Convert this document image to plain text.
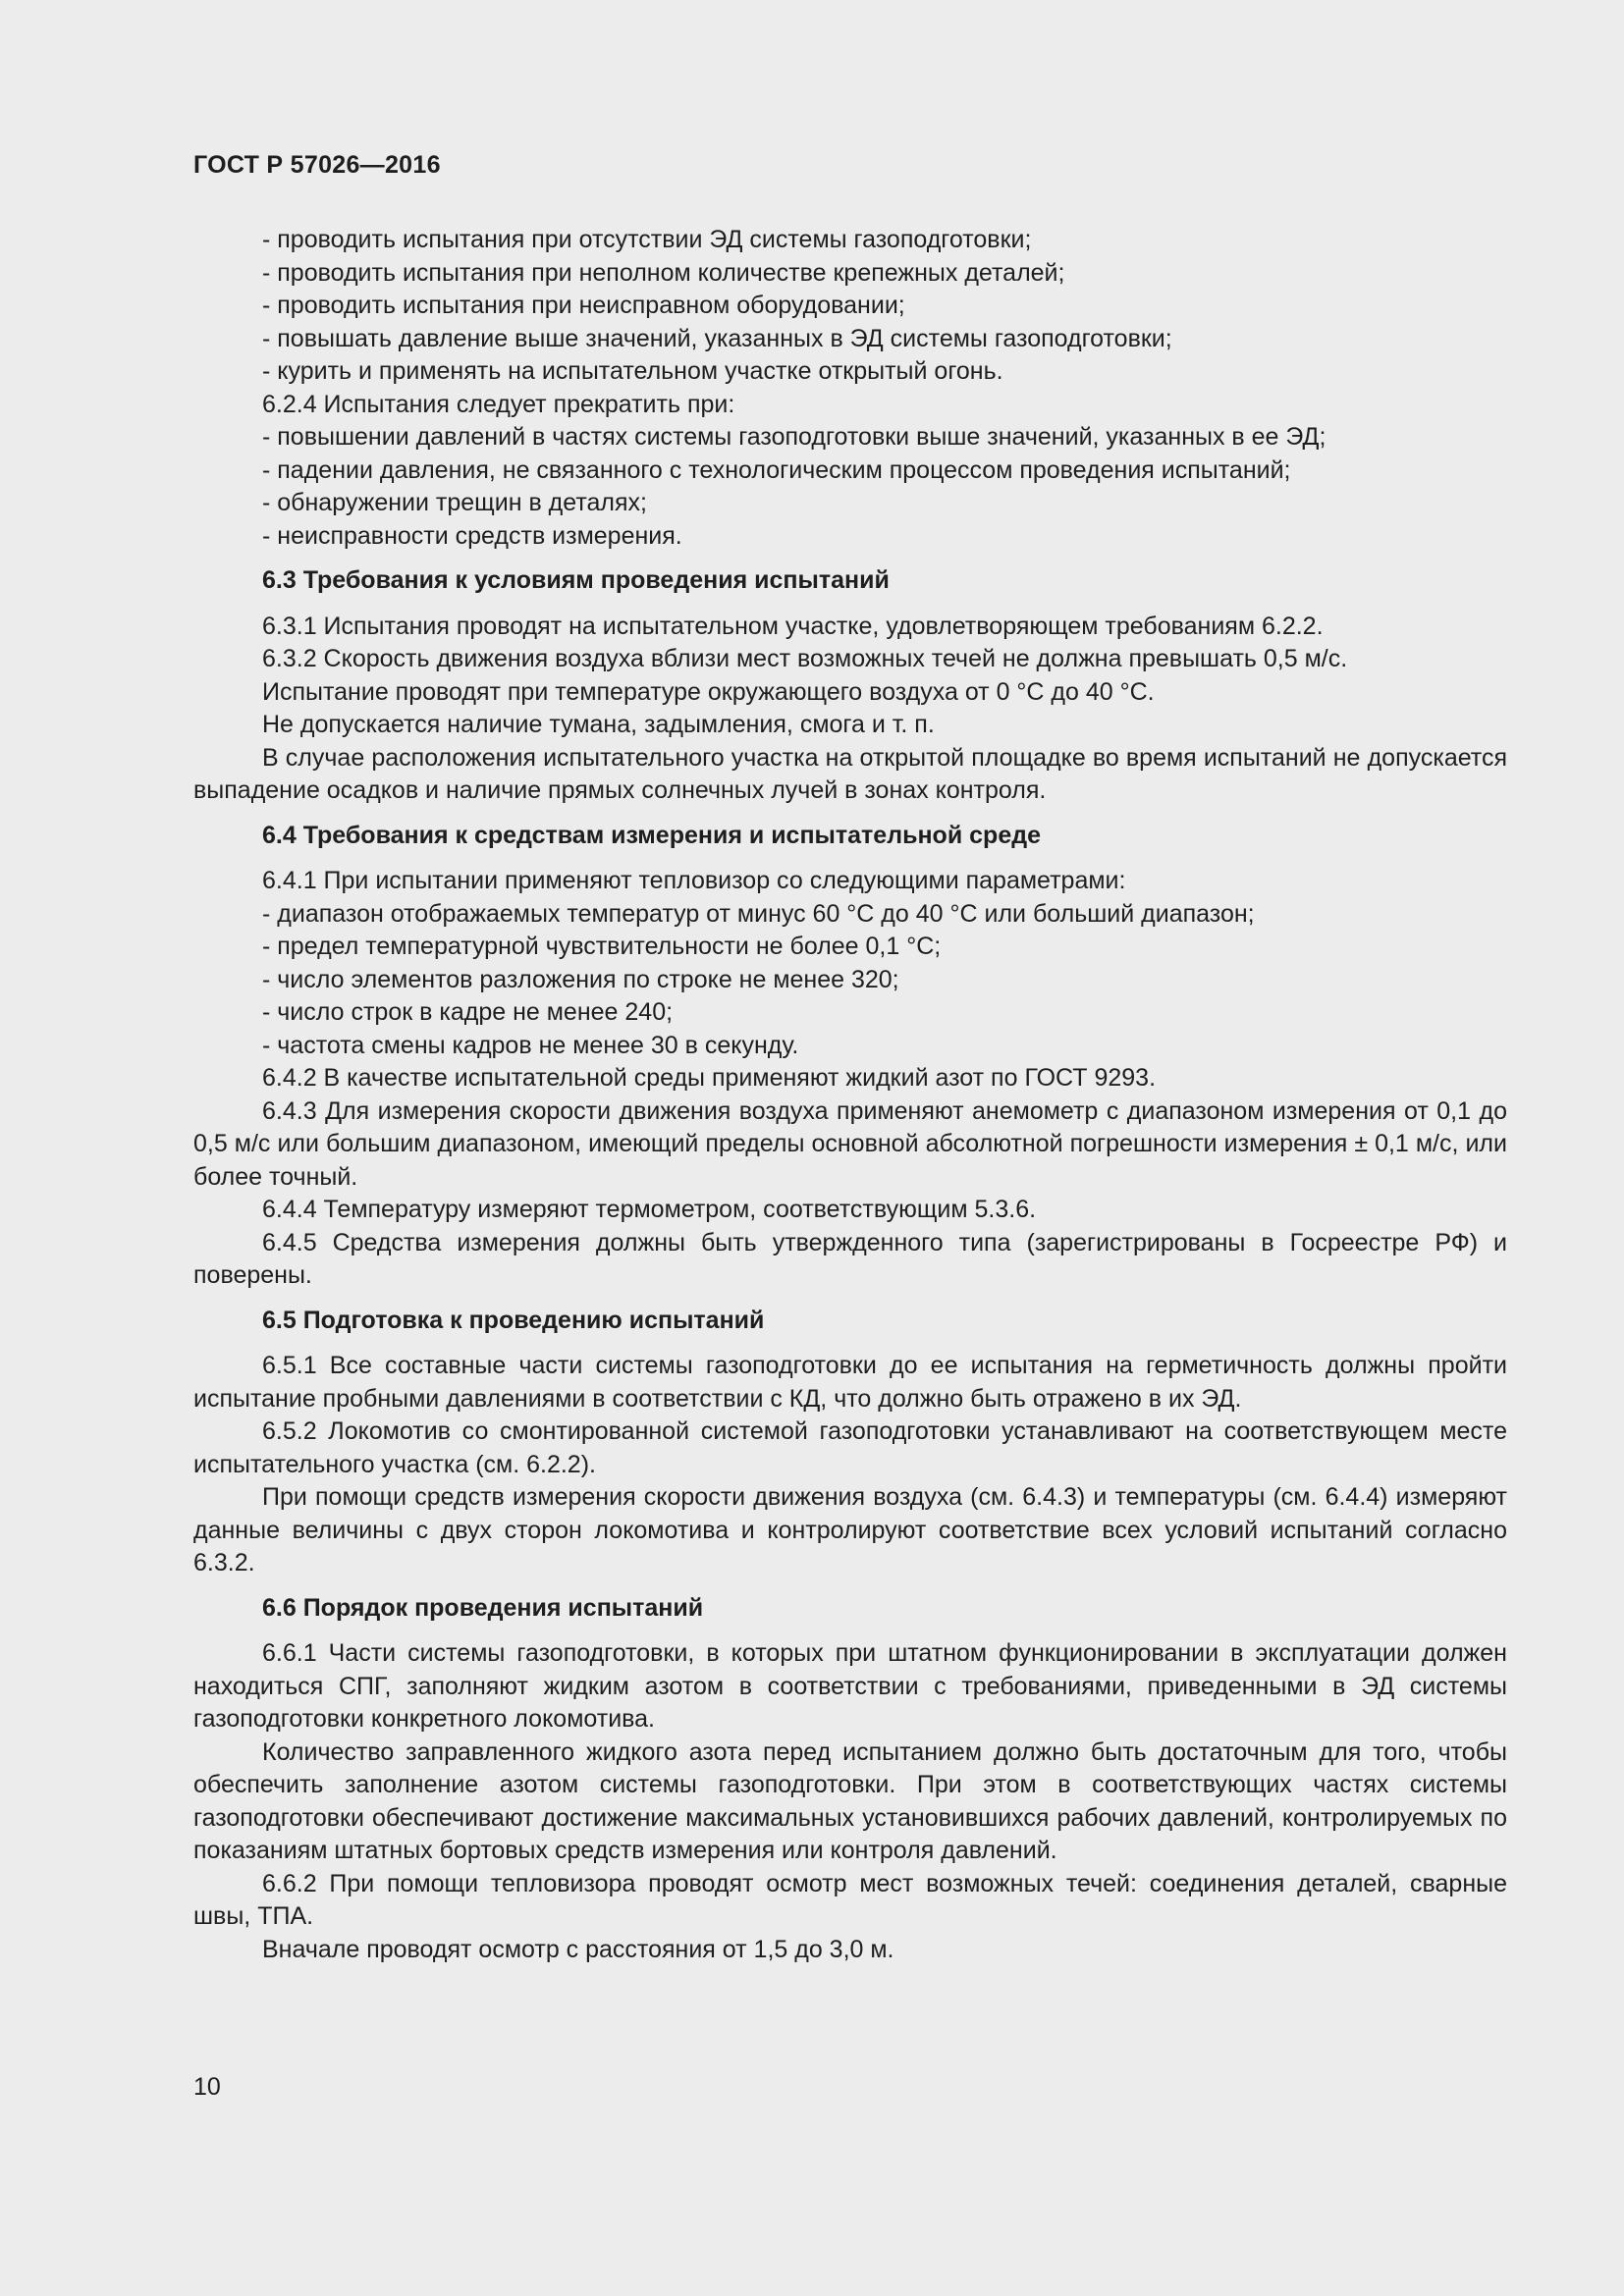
ГОСТ Р 57026—2016

- проводить испытания при отсутствии ЭД системы газоподготовки;

- проводить испытания при неполном количестве крепежных деталей;

- проводить испытания при неисправном оборудовании;

- повышать давление выше значений, указанных в ЭД системы газоподготовки;

- курить и применять на испытательном участке открытый огонь.

6.2.4 Испытания следует прекратить при:

- повышении давлений в частях системы газоподготовки выше значений, указанных в ее ЭД;

- падении давления, не связанного с технологическим процессом проведения испытаний;

- обнаружении трещин в деталях;

- неисправности средств измерения.

6.3 Требования к условиям проведения испытаний

6.3.1 Испытания проводят на испытательном участке, удовлетворяющем требованиям 6.2.2.

6.3.2 Скорость движения воздуха вблизи мест возможных течей не должна превышать 0,5 м/с.

Испытание проводят при температуре окружающего воздуха от 0 °С до 40 °С.

Не допускается наличие тумана, задымления, смога и т. п.

В случае расположения испытательного участка на открытой площадке во время испытаний не допускается выпадение осадков и наличие прямых солнечных лучей в зонах контроля.

6.4 Требования к средствам измерения и испытательной среде

6.4.1 При испытании применяют тепловизор со следующими параметрами:

- диапазон отображаемых температур от минус 60 °С до 40 °С или больший диапазон;

- предел температурной чувствительности не более 0,1 °С;

- число элементов разложения по строке не менее 320;

- число строк в кадре не менее 240;

- частота смены кадров не менее 30 в секунду.

6.4.2 В качестве испытательной среды применяют жидкий азот по ГОСТ 9293.

6.4.3 Для измерения скорости движения воздуха применяют анемометр с диапазоном измерения от 0,1 до 0,5 м/с или большим диапазоном, имеющий пределы основной абсолютной погрешности измерения ± 0,1 м/с, или более точный.

6.4.4 Температуру измеряют термометром, соответствующим 5.3.6.

6.4.5 Средства измерения должны быть утвержденного типа (зарегистрированы в Госреестре РФ) и поверены.

6.5 Подготовка к проведению испытаний

6.5.1 Все составные части системы газоподготовки до ее испытания на герметичность должны пройти испытание пробными давлениями в соответствии с КД, что должно быть отражено в их ЭД.

6.5.2 Локомотив со смонтированной системой газоподготовки устанавливают на соответствующем месте испытательного участка (см. 6.2.2).

При помощи средств измерения скорости движения воздуха (см. 6.4.3) и температуры (см. 6.4.4) измеряют данные величины с двух сторон локомотива и контролируют соответствие всех условий испытаний согласно 6.3.2.

6.6 Порядок проведения испытаний

6.6.1 Части системы газоподготовки, в которых при штатном функционировании в эксплуатации должен находиться СПГ, заполняют жидким азотом в соответствии с требованиями, приведенными в ЭД системы газоподготовки конкретного локомотива.

Количество заправленного жидкого азота перед испытанием должно быть достаточным для того, чтобы обеспечить заполнение азотом системы газоподготовки. При этом в соответствующих частях системы газоподготовки обеспечивают достижение максимальных установившихся рабочих давлений, контролируемых по показаниям штатных бортовых средств измерения или контроля давлений.

6.6.2 При помощи тепловизора проводят осмотр мест возможных течей: соединения деталей, сварные швы, ТПА.

Вначале проводят осмотр с расстояния от 1,5 до 3,0 м.

10
